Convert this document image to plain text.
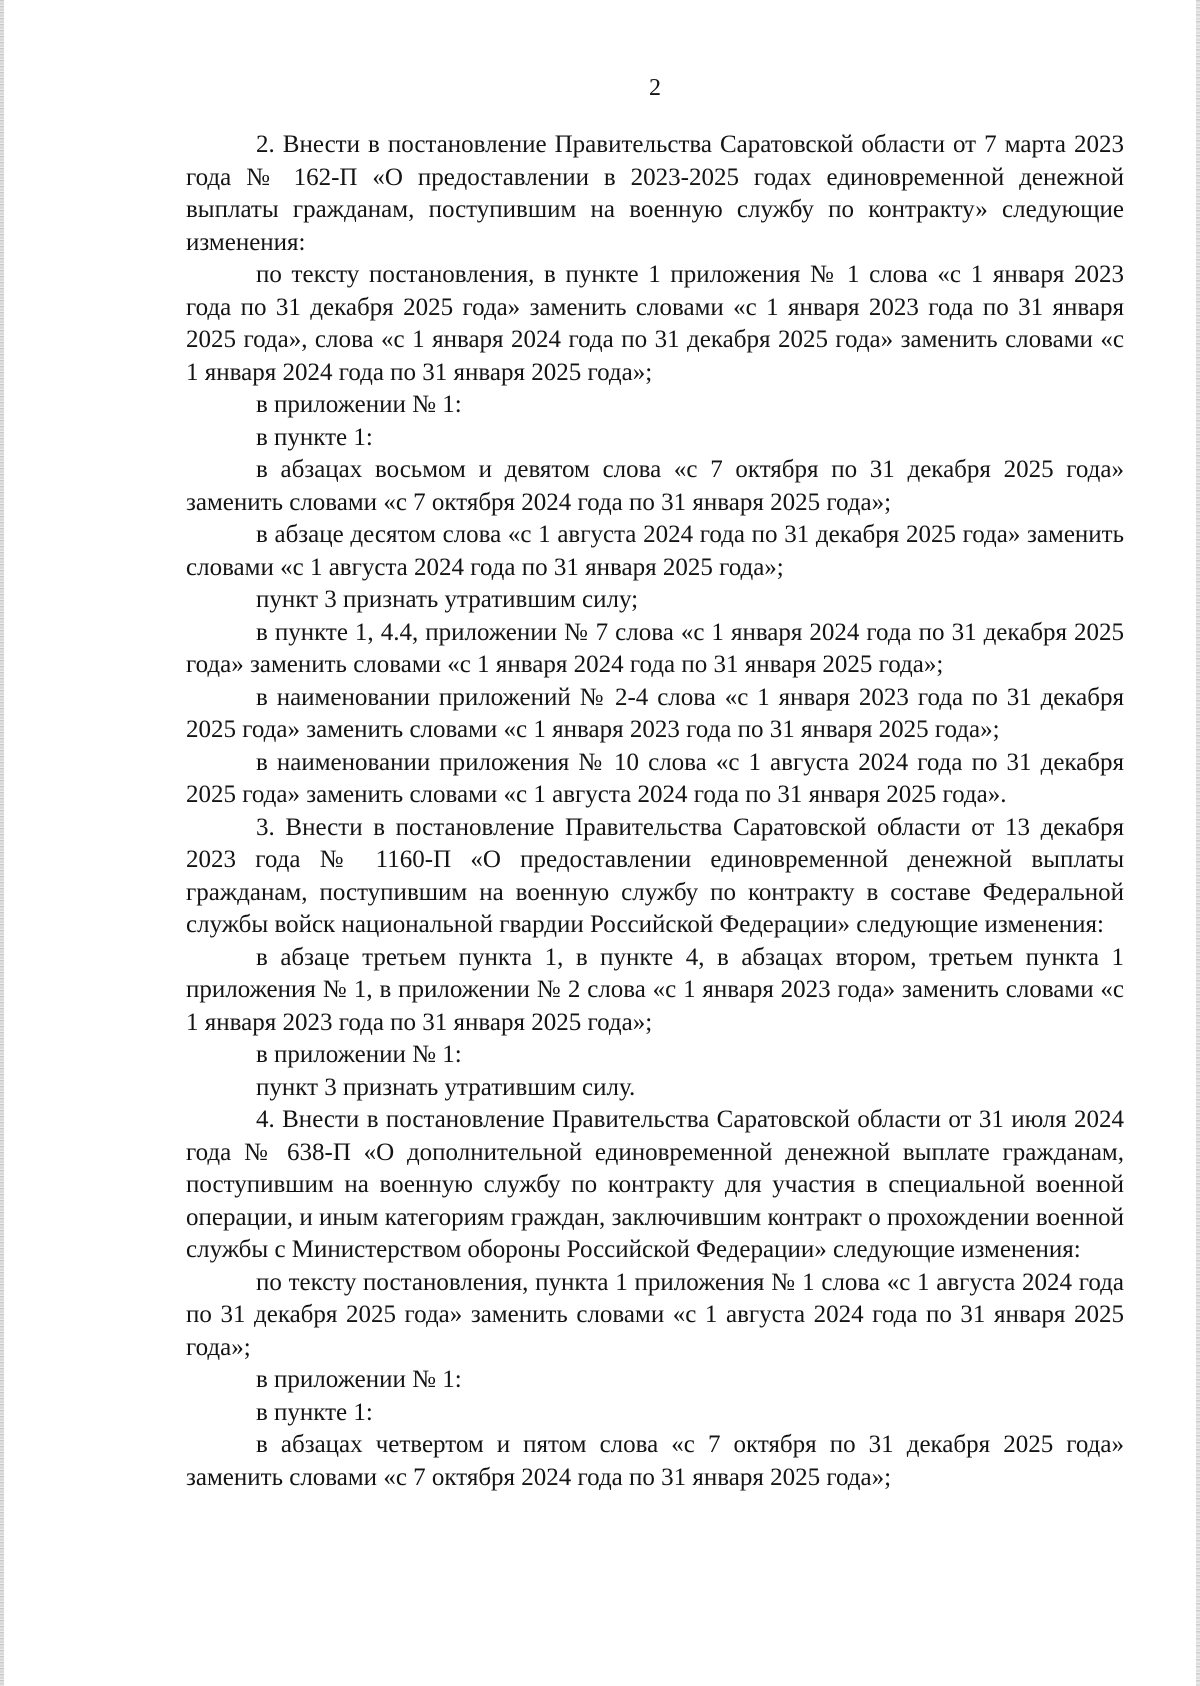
2

2. Внести в постановление Правительства Саратовской области от 7 марта 2023 года № 162-П «О предоставлении в 2023-2025 годах единовременной денежной выплаты гражданам, поступившим на военную службу по контракту» следующие изменения:

по тексту постановления, в пункте 1 приложения № 1 слова «с 1 января 2023 года по 31 декабря 2025 года» заменить словами «с 1 января 2023 года по 31 января 2025 года», слова «с 1 января 2024 года по 31 декабря 2025 года» заменить словами «с 1 января 2024 года по 31 января 2025 года»;

в приложении № 1:

в пункте 1:

в абзацах восьмом и девятом слова «с 7 октября по 31 декабря 2025 года» заменить словами «с 7 октября 2024 года по 31 января 2025 года»;

в абзаце десятом слова «с 1 августа 2024 года по 31 декабря 2025 года» заменить словами «с 1 августа 2024 года по 31 января 2025 года»;

пункт 3 признать утратившим силу;

в пункте 1, 4.4, приложении № 7 слова «с 1 января 2024 года по 31 декабря 2025 года» заменить словами «с 1 января 2024 года по 31 января 2025 года»;

в наименовании приложений № 2-4 слова «с 1 января 2023 года по 31 декабря 2025 года» заменить словами «с 1 января 2023 года по 31 января 2025 года»;

в наименовании приложения № 10 слова «с 1 августа 2024 года по 31 декабря 2025 года» заменить словами «с 1 августа 2024 года по 31 января 2025 года».

3. Внести в постановление Правительства Саратовской области от 13 декабря 2023 года № 1160-П «О предоставлении единовременной денежной выплаты гражданам, поступившим на военную службу по контракту в составе Федеральной службы войск национальной гвардии Российской Федерации» следующие изменения:

в абзаце третьем пункта 1, в пункте 4, в абзацах втором, третьем пункта 1 приложения № 1, в приложении № 2 слова «с 1 января 2023 года» заменить словами «с 1 января 2023 года по 31 января 2025 года»;

в приложении № 1:

пункт 3 признать утратившим силу.

4. Внести в постановление Правительства Саратовской области от 31 июля 2024 года № 638-П «О дополнительной единовременной денежной выплате гражданам, поступившим на военную службу по контракту для участия в специальной военной операции, и иным категориям граждан, заключившим контракт о прохождении военной службы с Министерством обороны Российской Федерации» следующие изменения:

по тексту постановления, пункта 1 приложения № 1 слова «с 1 августа 2024 года по 31 декабря 2025 года» заменить словами «с 1 августа 2024 года по 31 января 2025 года»;

в приложении № 1:

в пункте 1:

в абзацах четвертом и пятом слова «с 7 октября по 31 декабря 2025 года» заменить словами «с 7 октября 2024 года по 31 января 2025 года»;
